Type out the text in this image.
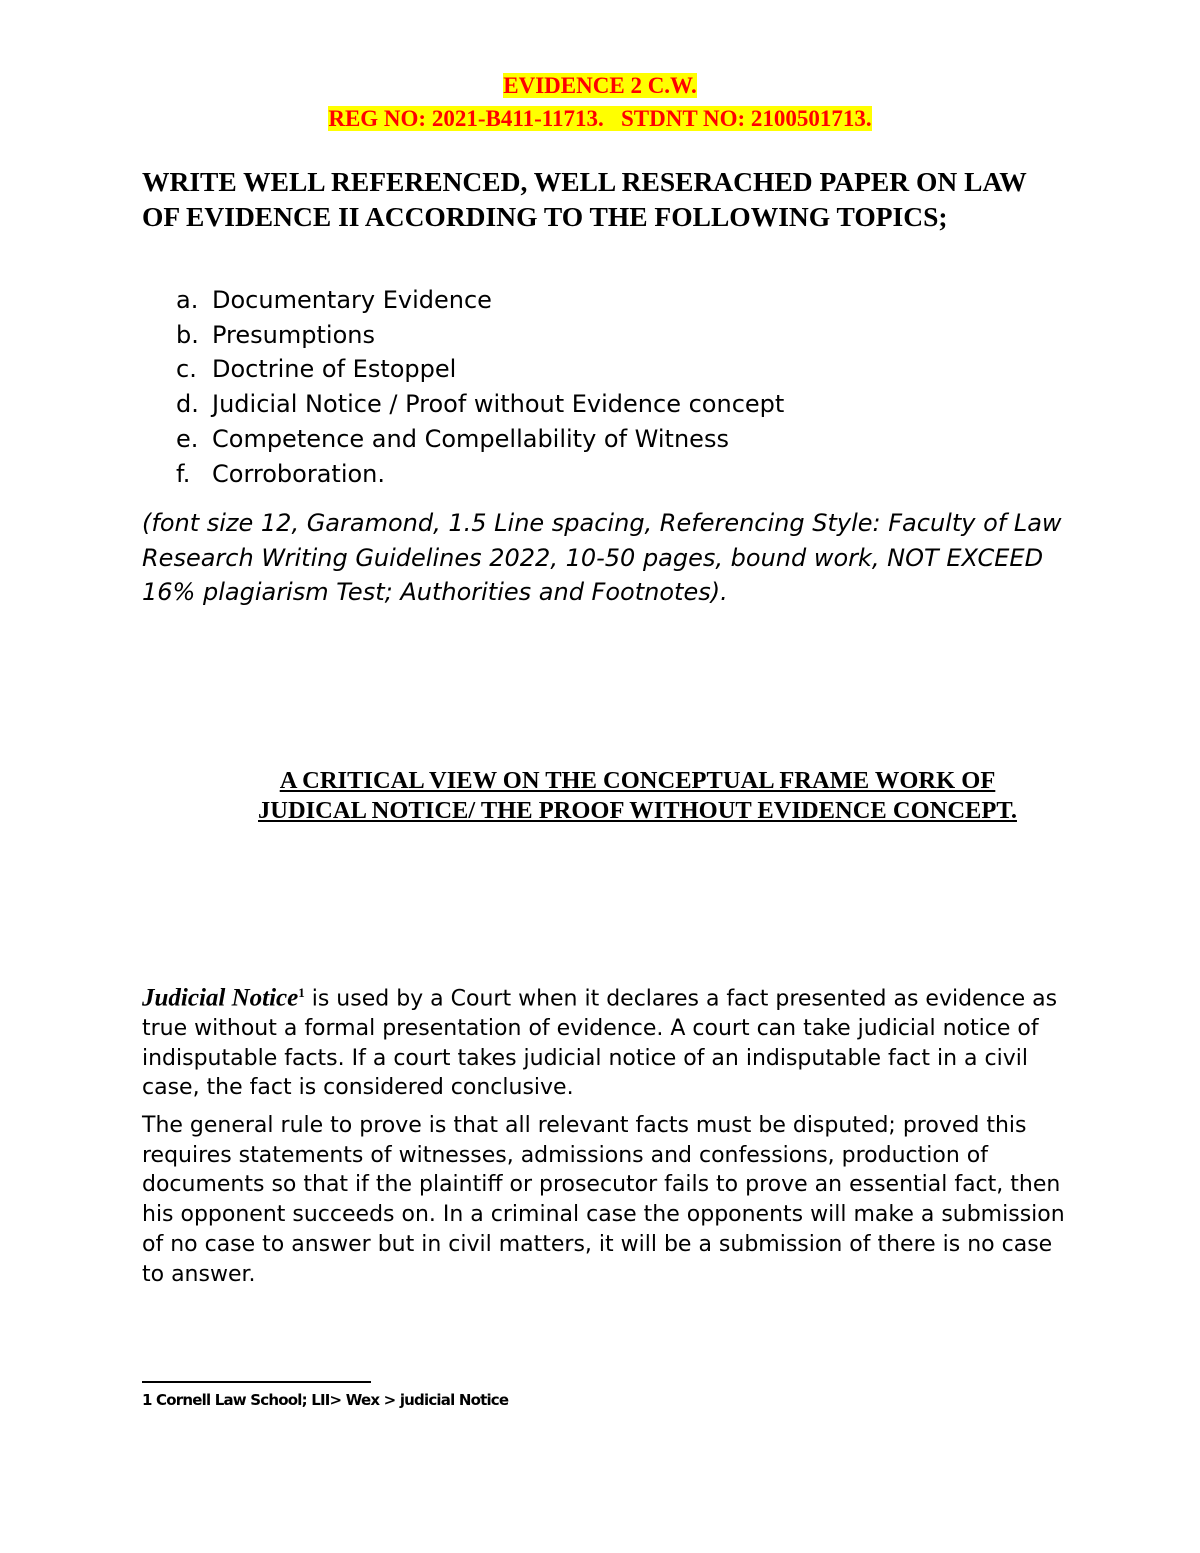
EVIDENCE 2 C.W.
REG NO: 2021-B411-11713.   STDNT NO: 2100501713.
WRITE WELL REFERENCED, WELL RESERACHED PAPER ON LAW OF EVIDENCE II ACCORDING TO THE FOLLOWING TOPICS;
a. Documentary Evidence
b. Presumptions
c. Doctrine of Estoppel
d. Judicial Notice / Proof without Evidence concept
e. Competence and Compellability of Witness
f. Corroboration.
(font size 12, Garamond, 1.5 Line spacing, Referencing Style: Faculty of Law Research Writing Guidelines 2022, 10-50 pages, bound work, NOT EXCEED 16% plagiarism Test; Authorities and Footnotes).
A CRITICAL VIEW ON THE CONCEPTUAL FRAME WORK OF JUDICAL NOTICE/ THE PROOF WITHOUT EVIDENCE CONCEPT.
Judicial Notice$^1$ is used by a Court when it declares a fact presented as evidence as true without a formal presentation of evidence. A court can take judicial notice of indisputable facts. If a court takes judicial notice of an indisputable fact in a civil case, the fact is considered conclusive.
The general rule to prove is that all relevant facts must be disputed; proved this requires statements of witnesses, admissions and confessions, production of documents so that if the plaintiff or prosecutor fails to prove an essential fact, then his opponent succeeds on. In a criminal case the opponents will make a submission of no case to answer but in civil matters, it will be a submission of there is no case to answer.
1 Cornell Law School; LII> Wex > judicial Notice
